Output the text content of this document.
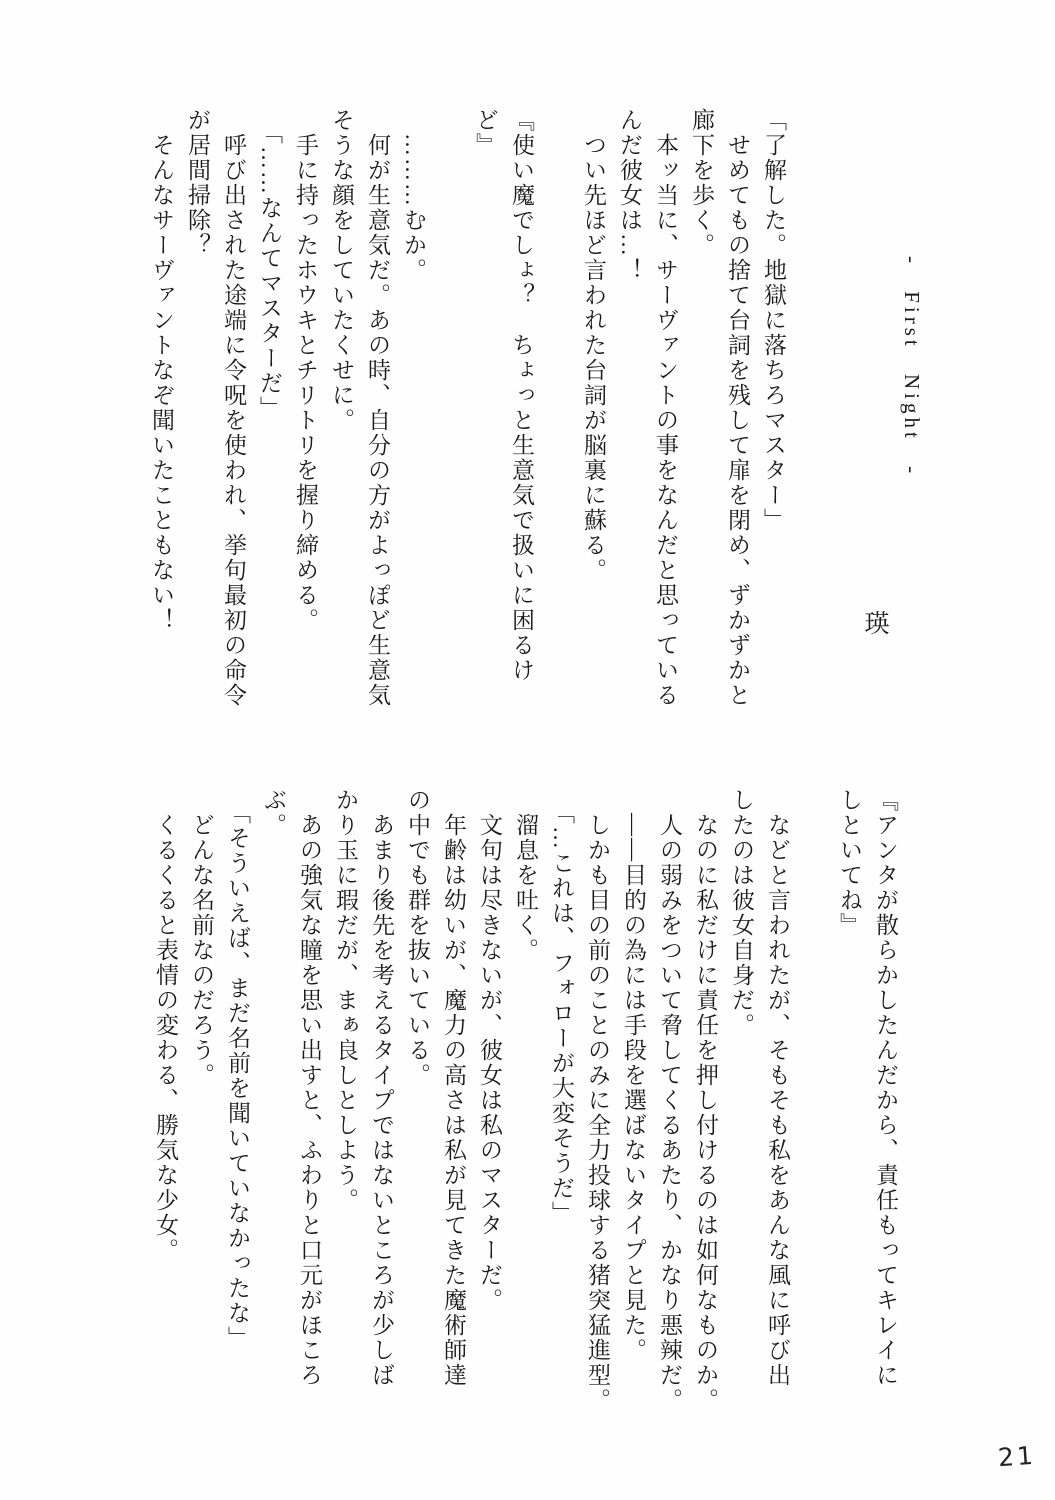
- First Night -
瑛

「了解した。地獄に落ちろマスター」

せめてもの捨て台詞を残して扉を閉め、ずかずかと

廊下を歩く。

本ッ当に、サーヴァントの事をなんだと思っている

んだ彼女は…！

つい先ほど言われた台詞が脳裏に蘇る。

『使い魔でしょ？　ちょっと生意気で扱いに困るけ

ど』

………むか。

何が生意気だ。あの時、自分の方がよっぽど生意気

そうな顔をしていたくせに。

手に持ったホウキとチリトリを握り締める。

「……なんてマスターだ」

呼び出された途端に令呪を使われ、挙句最初の命令

が居間掃除？

そんなサーヴァントなぞ聞いたこともない！

『アンタが散らかしたんだから、責任もってキレイに

しといてね』

などと言われたが、そもそも私をあんな風に呼び出

したのは彼女自身だ。

なのに私だけに責任を押し付けるのは如何なものか。

人の弱みをついて脅してくるあたり、かなり悪辣だ。

――目的の為には手段を選ばないタイプと見た。

しかも目の前のことのみに全力投球する猪突猛進型。

「…これは、フォローが大変そうだ」

溜息を吐く。

文句は尽きないが、彼女は私のマスターだ。

年齢は幼いが、魔力の高さは私が見てきた魔術師達

の中でも群を抜いている。

あまり後先を考えるタイプではないところが少しば

かり玉に瑕だが、まぁ良しとしよう。

あの強気な瞳を思い出すと、ふわりと口元がほころ

ぶ。

「そういえば、まだ名前を聞いていなかったな」

どんな名前なのだろう。

くるくると表情の変わる、勝気な少女。

21
